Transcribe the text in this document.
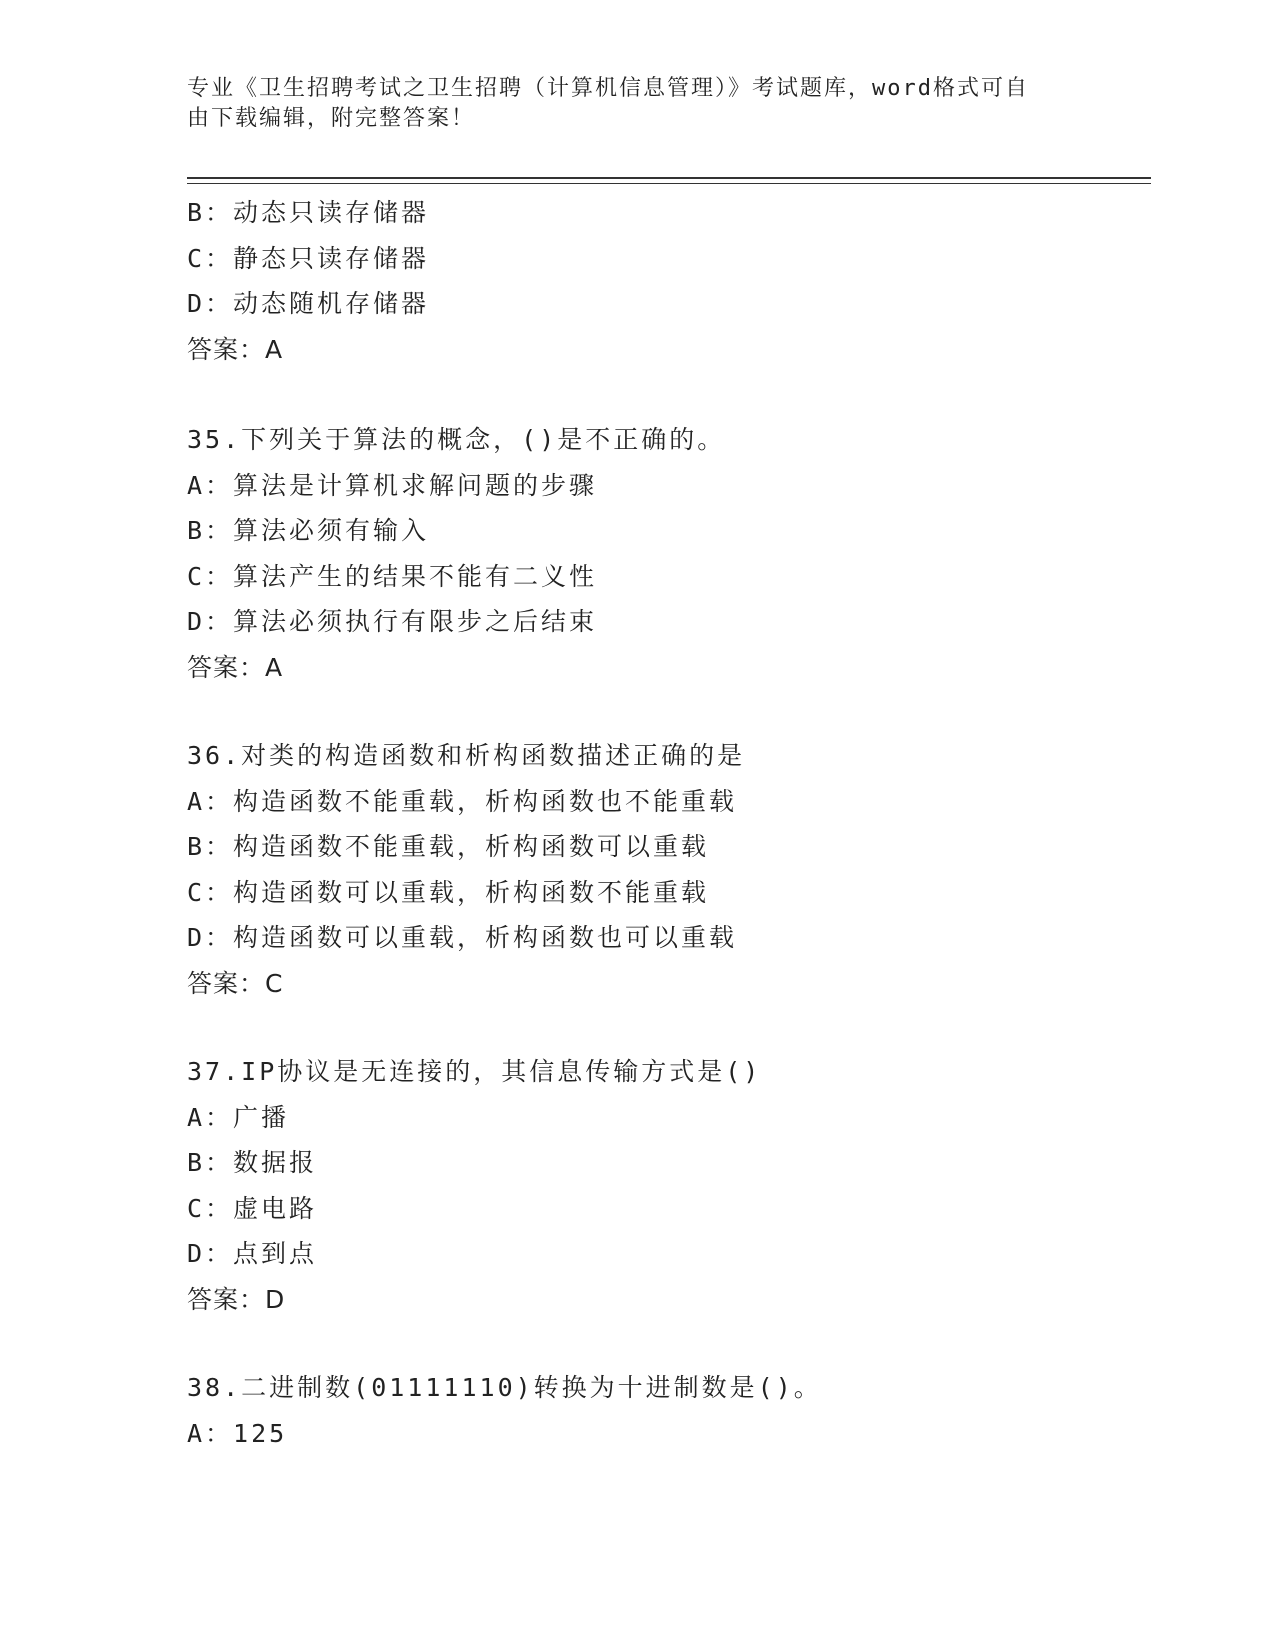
专业《卫生招聘考试之卫生招聘（计算机信息管理）》考试题库，word格式可自
由下载编辑，附完整答案！
B：动态只读存储器
C：静态只读存储器
D：动态随机存储器
答案：A
35.下列关于算法的概念，()是不正确的。
A：算法是计算机求解问题的步骤
B：算法必须有输入
C：算法产生的结果不能有二义性
D：算法必须执行有限步之后结束
答案：A
36.对类的构造函数和析构函数描述正确的是
A：构造函数不能重载，析构函数也不能重载
B：构造函数不能重载，析构函数可以重载
C：构造函数可以重载，析构函数不能重载
D：构造函数可以重载，析构函数也可以重载
答案：C
37.IP协议是无连接的，其信息传输方式是()
A：广播
B：数据报
C：虚电路
D：点到点
答案：D
38.二进制数(01111110)转换为十进制数是()。
A：125
